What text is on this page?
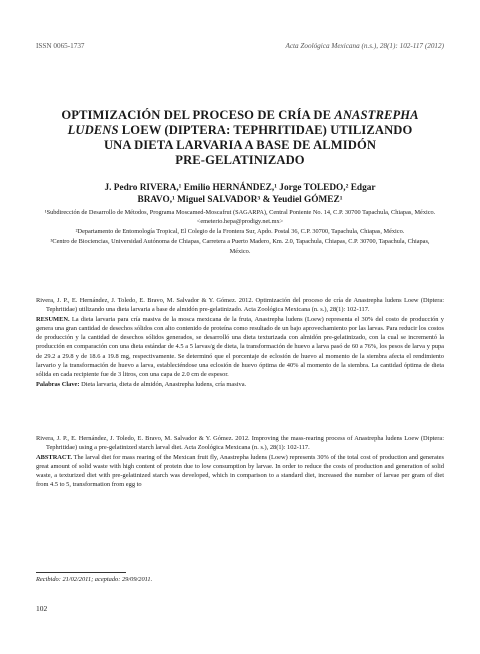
ISSN 0065-1737	Acta Zoológica Mexicana (n.s.), 28(1): 102-117 (2012)
OPTIMIZACIÓN DEL PROCESO DE CRÍA DE ANASTREPHA
LUDENS LOEW (DIPTERA: TEPHRITIDAE) UTILIZANDO
UNA DIETA LARVARIA A BASE DE ALMIDÓN
PRE-GELATINIZADO
J. Pedro RIVERA,¹ Emilio HERNÁNDEZ,¹ Jorge TOLEDO,² Edgar
BRAVO,¹ Miguel SALVADOR³ & Yeudiel GÓMEZ¹
¹Subdirección de Desarrollo de Métodos, Programa Moscamed-Moscafrut (SAGARPA), Central Poniente No. 14, C.P. 30700 Tapachula, Chiapas, México. <emeterio.hepa@prodigy.net.mx>
²Departamento de Entomología Tropical, El Colegio de la Frontera Sur, Apdo. Postal 36, C.P. 30700, Tapachula, Chiapas, México.
³Centro de Biociencias, Universidad Autónoma de Chiapas, Carretera a Puerto Madero, Km. 2.0, Tapachula, Chiapas, C.P. 30700, Tapachula, Chiapas, México.

Rivera, J. P., E. Hernández, J. Toledo, E. Bravo, M. Salvador & Y. Gómez. 2012. Optimización del proceso de cría de Anastrepha ludens Loew (Diptera: Tephritidae) utilizando una dieta larvaria a base de almidón pre-gelatinizado. Acta Zoológica Mexicana (n. s.), 28(1): 102-117.

RESUMEN. La dieta larvaria para cría masiva de la mosca mexicana de la fruta, Anastrepha ludens (Loew) representa el 30% del costo de producción y genera una gran cantidad de desechos sólidos con alto contenido de proteína como resultado de un bajo aprovechamiento por las larvas. Para reducir los costos de producción y la cantidad de desechos sólidos generados, se desarrolló una dieta texturizada con almidón pre-gelatinizado, con la cual se incrementó la producción en comparación con una dieta estándar de 4.5 a 5 larvas/g de dieta, la transformación de huevo a larva pasó de 60 a 76%, los pesos de larva y pupa de 29.2 a 29.8 y de 18.6 a 19.8 mg, respectivamente. Se determinó que el porcentaje de eclosión de huevo al momento de la siembra afecta el rendimiento larvario y la transformación de huevo a larva, estableciéndose una eclosión de huevo óptima de 40% al momento de la siembra. La cantidad óptima de dieta sólida en cada recipiente fue de 3 litros, con una capa de 2.0 cm de espesor.

Palabras Clave: Dieta larvaria, dieta de almidón, Anastrepha ludens, cría masiva.

Rivera, J. P., E. Hernández, J. Toledo, E. Bravo, M. Salvador & Y. Gómez. 2012. Improving the mass-rearing process of Anastrepha ludens Loew (Diptera: Tephritidae) using a pre-gelatinized starch larval diet. Acta Zoológica Mexicana (n. s.), 28(1): 102-117.

ABSTRACT. The larval diet for mass rearing of the Mexican fruit fly, Anastrepha ludens (Loew) represents 30% of the total cost of production and generates great amount of solid waste with high content of protein due to low consumption by larvae. In order to reduce the costs of production and generation of solid waste, a texturized diet with pre-gelatinized starch was developed, which in comparison to a standard diet, increased the number of larvae per gram of diet from 4.5 to 5, transformation from egg to

Recibido: 21/02/2011; aceptado: 29/09/2011.
102
